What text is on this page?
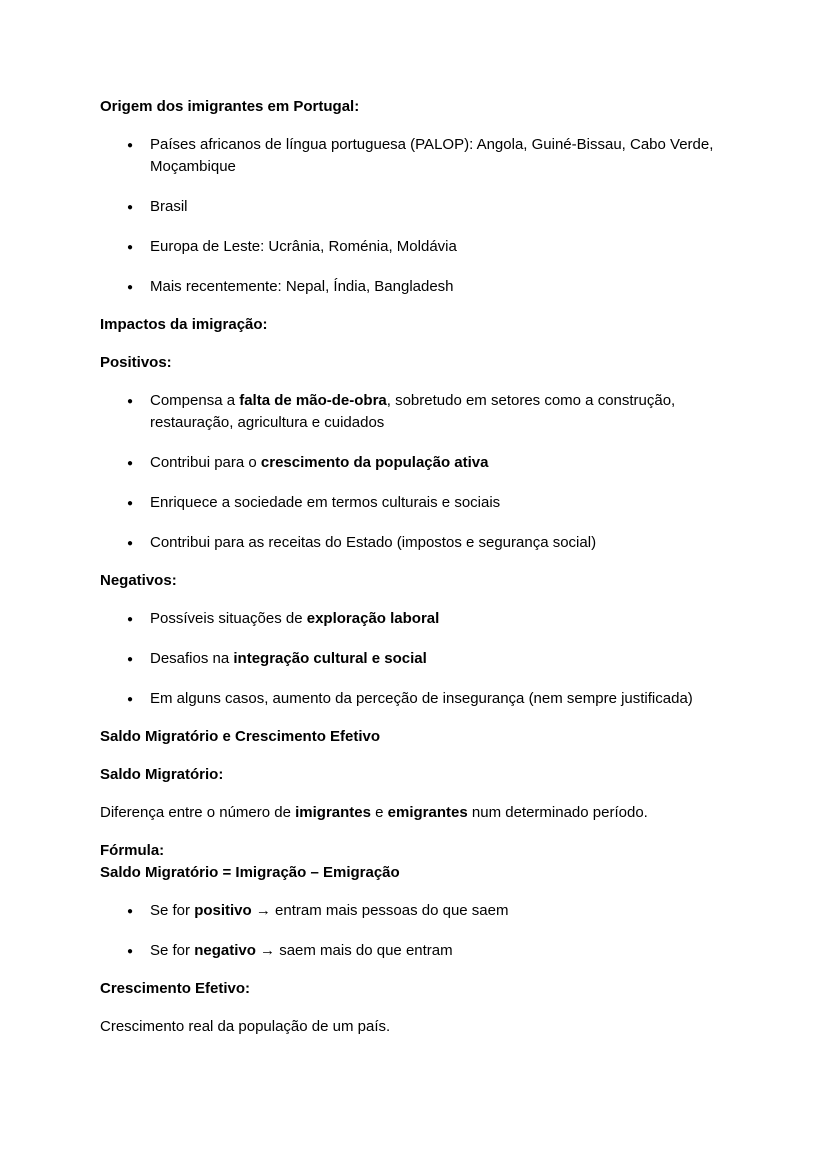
Origem dos imigrantes em Portugal:
● Países africanos de língua portuguesa (PALOP): Angola, Guiné-Bissau, Cabo Verde, Moçambique
● Brasil
● Europa de Leste: Ucrânia, Roménia, Moldávia
● Mais recentemente: Nepal, Índia, Bangladesh
Impactos da imigração:
Positivos:
● Compensa a falta de mão-de-obra, sobretudo em setores como a construção, restauração, agricultura e cuidados
● Contribui para o crescimento da população ativa
● Enriquece a sociedade em termos culturais e sociais
● Contribui para as receitas do Estado (impostos e segurança social)
Negativos:
● Possíveis situações de exploração laboral
● Desafios na integração cultural e social
● Em alguns casos, aumento da perceção de insegurança (nem sempre justificada)
Saldo Migratório e Crescimento Efetivo
Saldo Migratório:
Diferença entre o número de imigrantes e emigrantes num determinado período.
Fórmula:
Saldo Migratório = Imigração – Emigração
● Se for positivo → entram mais pessoas do que saem
● Se for negativo → saem mais do que entram
Crescimento Efetivo:
Crescimento real da população de um país.
